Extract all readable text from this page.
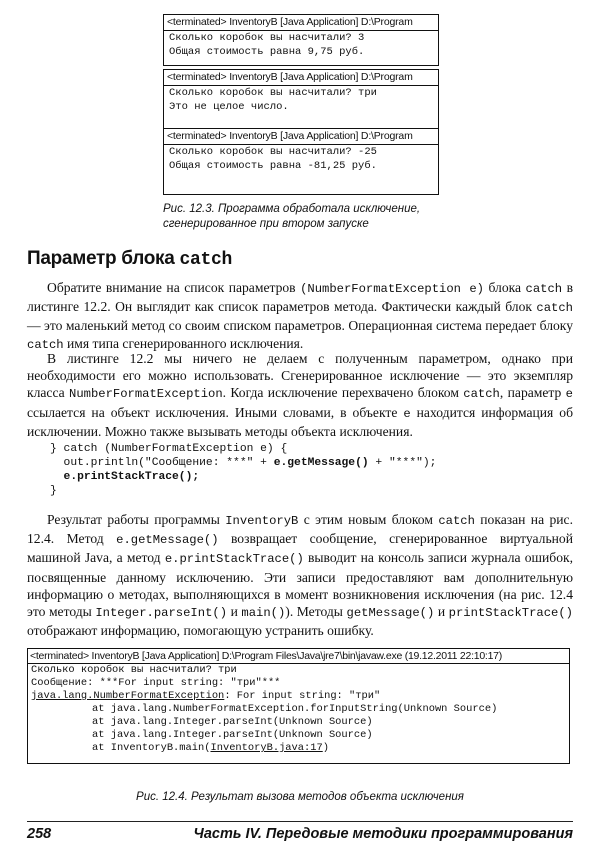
<terminated> InventoryB [Java Application] D:\Program
Сколько коробок вы насчитали? 3
Общая стоимость равна 9,75 руб.
<terminated> InventoryB [Java Application] D:\Program
Сколько коробок вы насчитали? три
Это не целое число.
<terminated> InventoryB [Java Application] D:\Program
Сколько коробок вы насчитали? -25
Общая стоимость равна -81,25 руб.
Рис. 12.3. Программа обработала исключение,
сгенерированное при втором запуске
Параметр блока catch

Обратите внимание на список параметров (NumberFormatException e) блока catch в листинге 12.2. Он выглядит как список параметров метода. Фактически каждый блок catch — это маленький метод со своим списком параметров. Операционная система передает блоку catch имя типа сгенерированного исключения.

В листинге 12.2 мы ничего не делаем с полученным параметром, однако при необходимости его можно использовать. Сгенерированное исключение — это экземпляр класса NumberFormatException. Когда исключение перехвачено блоком catch, параметр e ссылается на объект исключения. Иными словами, в объекте e находится информация об исключении. Можно также вызывать методы объекта исключения.

} catch (NumberFormatException e) {
out.println("Сообщение: ***" + e.getMessage() + "***");
e.printStackTrace();
}

Результат работы программы InventoryB с этим новым блоком catch показан на рис. 12.4. Метод e.getMessage() возвращает сообщение, сгенерированное виртуальной машиной Java, а метод e.printStackTrace() выводит на консоль записи журнала ошибок, посвященные данному исключению. Эти записи предоставляют вам дополнительную информацию о методах, выполняющихся в момент возникновения исключения (на рис. 12.4 это методы Integer.parseInt() и main()). Методы getMessage() и printStackTrace() отображают информацию, помогающую устранить ошибку.

<terminated> InventoryB [Java Application] D:\Program Files\Java\jre7\bin\javaw.exe (19.12.2011 22:10:17)
Сколько коробок вы насчитали? три
Сообщение: ***For input string: "три"***
java.lang.NumberFormatException: For input string: "три"
at java.lang.NumberFormatException.forInputString(Unknown Source)
at java.lang.Integer.parseInt(Unknown Source)
at java.lang.Integer.parseInt(Unknown Source)
at InventoryB.main(InventoryB.java:17)
Рис. 12.4. Результат вызова методов объекта исключения
258	Часть IV. Передовые методики программирования
